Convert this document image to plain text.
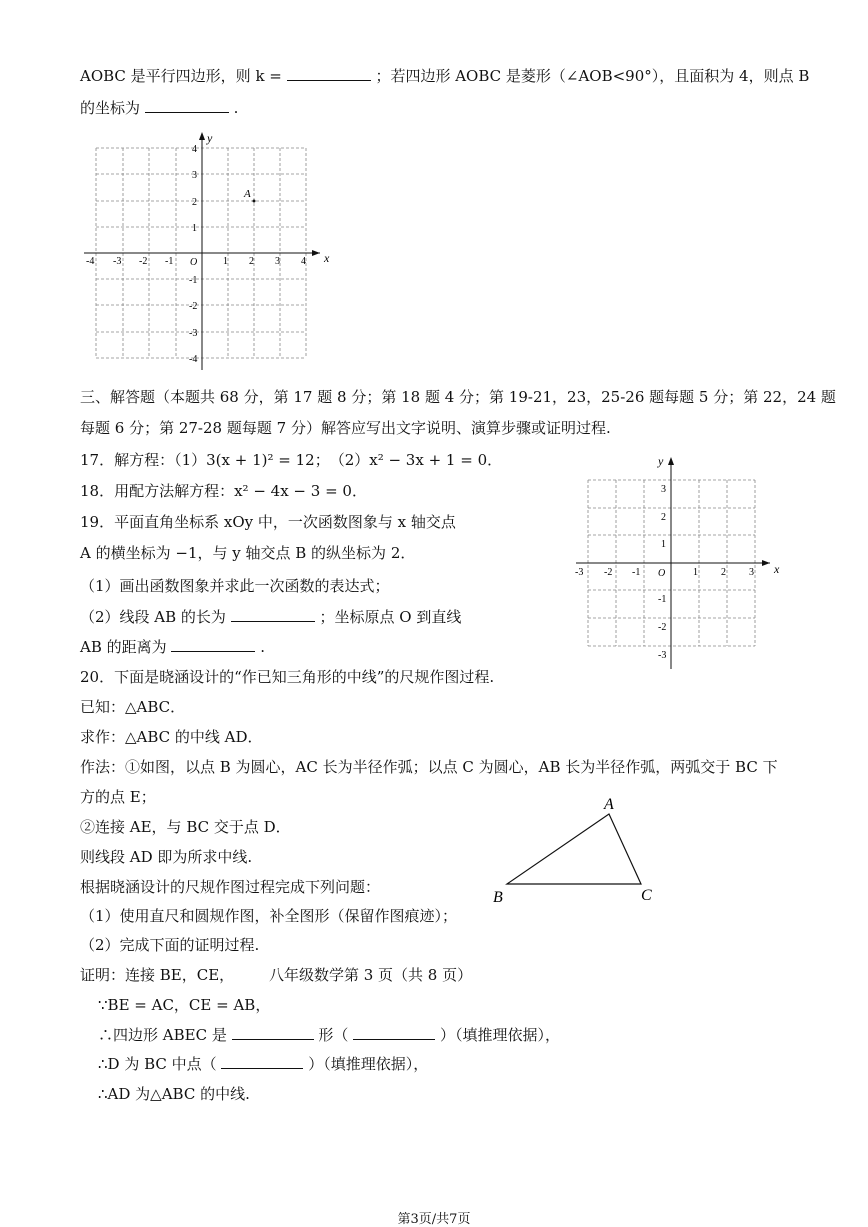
AOBC 是平行四边形，则 k =	；若四边形 AOBC 是菱形（∠AOB<90°），且面积为 4，则点 B
的坐标为	.
x
y
-4 -3 -2 -1 O	1 2 3 4
4
3
2
1
-1
-2
-3
-4
A
三、解答题（本题共 68 分，第 17 题 8 分；第 18 题 4 分；第 19-21，23，25-26 题每题 5 分；第 22，24 题
每题 6 分；第 27-28 题每题 7 分）解答应写出文字说明、演算步骤或证明过程.
17．解方程：（1）3(x + 1)² = 12；　（2）x² − 3x + 1 = 0．
18．用配方法解方程：x² − 4x − 3 = 0．
19．平面直角坐标系 xOy 中，一次函数图象与 x 轴交点
A 的横坐标为 −1，与 y 轴交点 B 的纵坐标为 2．
（1）画出函数图象并求此一次函数的表达式；
（2）线段 AB 的长为	；坐标原点 O 到直线
AB 的距离为	.
x
y
-3 -2 -1 O	1 2 3
3
2
1
-1
-2
-3
20．下面是晓涵设计的“作已知三角形的中线”的尺规作图过程.
已知：△ABC．
求作：△ABC 的中线 AD．
作法：①如图，以点 B 为圆心，AC 长为半径作弧；以点 C 为圆心，AB 长为半径作弧，两弧交于 BC 下
方的点 E；
②连接 AE，与 BC 交于点 D．
则线段 AD 即为所求中线.
根据晓涵设计的尺规作图过程完成下列问题：
（1）使用直尺和圆规作图，补全图形（保留作图痕迹）；
（2）完成下面的证明过程.
证明：连接 BE，CE， 八年级数学第 3 页（共 8 页）
∵BE = AC，CE = AB，
∴四边形 ABEC 是	形（	）（填推理依据），
∴D 为 BC 中点（	）（填推理依据），
∴AD 为△ABC 的中线.
A
B	C
第3页/共7页
